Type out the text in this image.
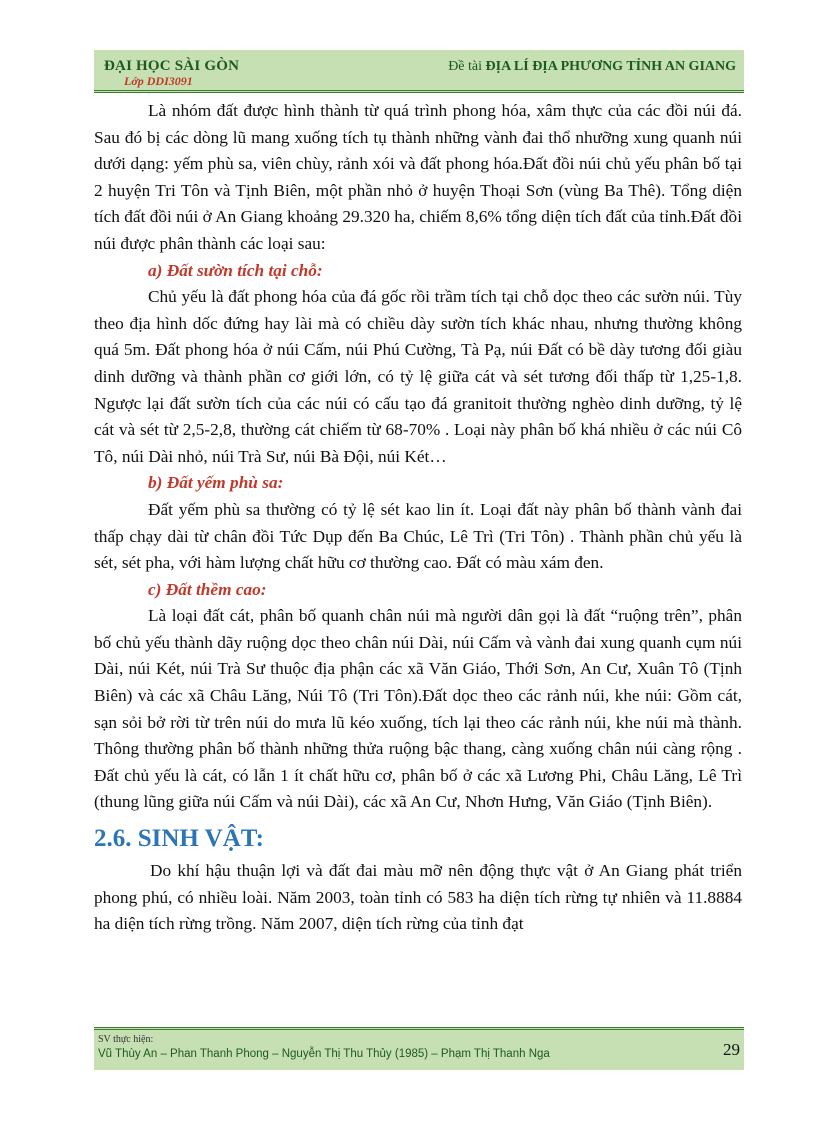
ĐẠI HỌC SÀI GÒN
Lớp DDI3091
Đề tài ĐỊA LÍ ĐỊA PHƯƠNG TỈNH AN GIANG

Là nhóm đất được hình thành từ quá trình phong hóa, xâm thực của các đồi núi đá. Sau đó bị các dòng lũ mang xuống tích tụ thành những vành đai thổ nhưỡng xung quanh núi dưới dạng: yếm phù sa, viên chùy, rảnh xói và đất phong hóa.Đất đồi núi chủ yếu phân bố tại 2 huyện Tri Tôn và Tịnh Biên, một phần nhỏ ở huyện Thoại Sơn (vùng Ba Thê). Tổng diện tích đất đồi núi ở An Giang khoảng 29.320 ha, chiếm 8,6% tổng diện tích đất của tỉnh.Đất đồi núi được phân thành các loại sau:

a) Đất sườn tích tại chỗ:

Chủ yếu là đất phong hóa của đá gốc rồi trầm tích tại chỗ dọc theo các sườn núi. Tùy theo địa hình dốc đứng hay lài mà có chiều dày sườn tích khác nhau, nhưng thường không quá 5m. Đất phong hóa ở núi Cấm, núi Phú Cường, Tà Pạ, núi Đất có bề dày tương đối giàu dinh dưỡng và thành phần cơ giới lớn, có tỷ lệ giữa cát và sét tương đối thấp từ 1,25-1,8. Ngược lại đất sườn tích của các núi có cấu tạo đá granitoit thường nghèo dinh dưỡng, tỷ lệ cát và sét từ 2,5-2,8, thường cát chiếm từ 68-70% . Loại này phân bố khá nhiều ở các núi Cô Tô, núi Dài nhỏ, núi Trà Sư, núi Bà Đội, núi Két…

b) Đất yếm phù sa:

Đất yếm phù sa thường có tỷ lệ sét kao lin ít. Loại đất này phân bố thành vành đai thấp chạy dài từ chân đồi Tức Dụp đến Ba Chúc, Lê Trì (Tri Tôn) . Thành phần chủ yếu là sét, sét pha, với hàm lượng chất hữu cơ thường cao. Đất có màu xám đen.

c) Đất thềm cao:

Là loại đất cát, phân bố quanh chân núi mà người dân gọi là đất “ruộng trên”, phân bố chủ yếu thành dãy ruộng dọc theo chân núi Dài, núi Cấm và vành đai xung quanh cụm núi Dài, núi Két, núi Trà Sư thuộc địa phận các xã Văn Giáo, Thới Sơn, An Cư, Xuân Tô (Tịnh Biên) và các xã Châu Lăng, Núi Tô (Tri Tôn).Đất dọc theo các rảnh núi, khe núi: Gồm cát, sạn sỏi bở rời từ trên núi do mưa lũ kéo xuống, tích lại theo các rảnh núi, khe núi mà thành. Thông thường phân bố thành những thửa ruộng bậc thang, càng xuống chân núi càng rộng . Đất chủ yếu là cát, có lẫn 1 ít chất hữu cơ, phân bố ở các xã Lương Phi, Châu Lăng, Lê Trì (thung lũng giữa núi Cấm và núi Dài), các xã An Cư, Nhơn Hưng, Văn Giáo (Tịnh Biên).

2.6. SINH VẬT:

Do khí hậu thuận lợi và đất đai màu mỡ nên động thực vật ở An Giang phát triển phong phú, có nhiều loài. Năm 2003, toàn tỉnh có 583 ha diện tích rừng tự nhiên và 11.8884 ha diện tích rừng trồng. Năm 2007, diện tích rừng của tỉnh đạt

SV thực hiện:
Vũ Thùy An – Phan Thanh Phong – Nguyễn Thị Thu Thủy (1985) – Phạm Thị Thanh Nga	29
